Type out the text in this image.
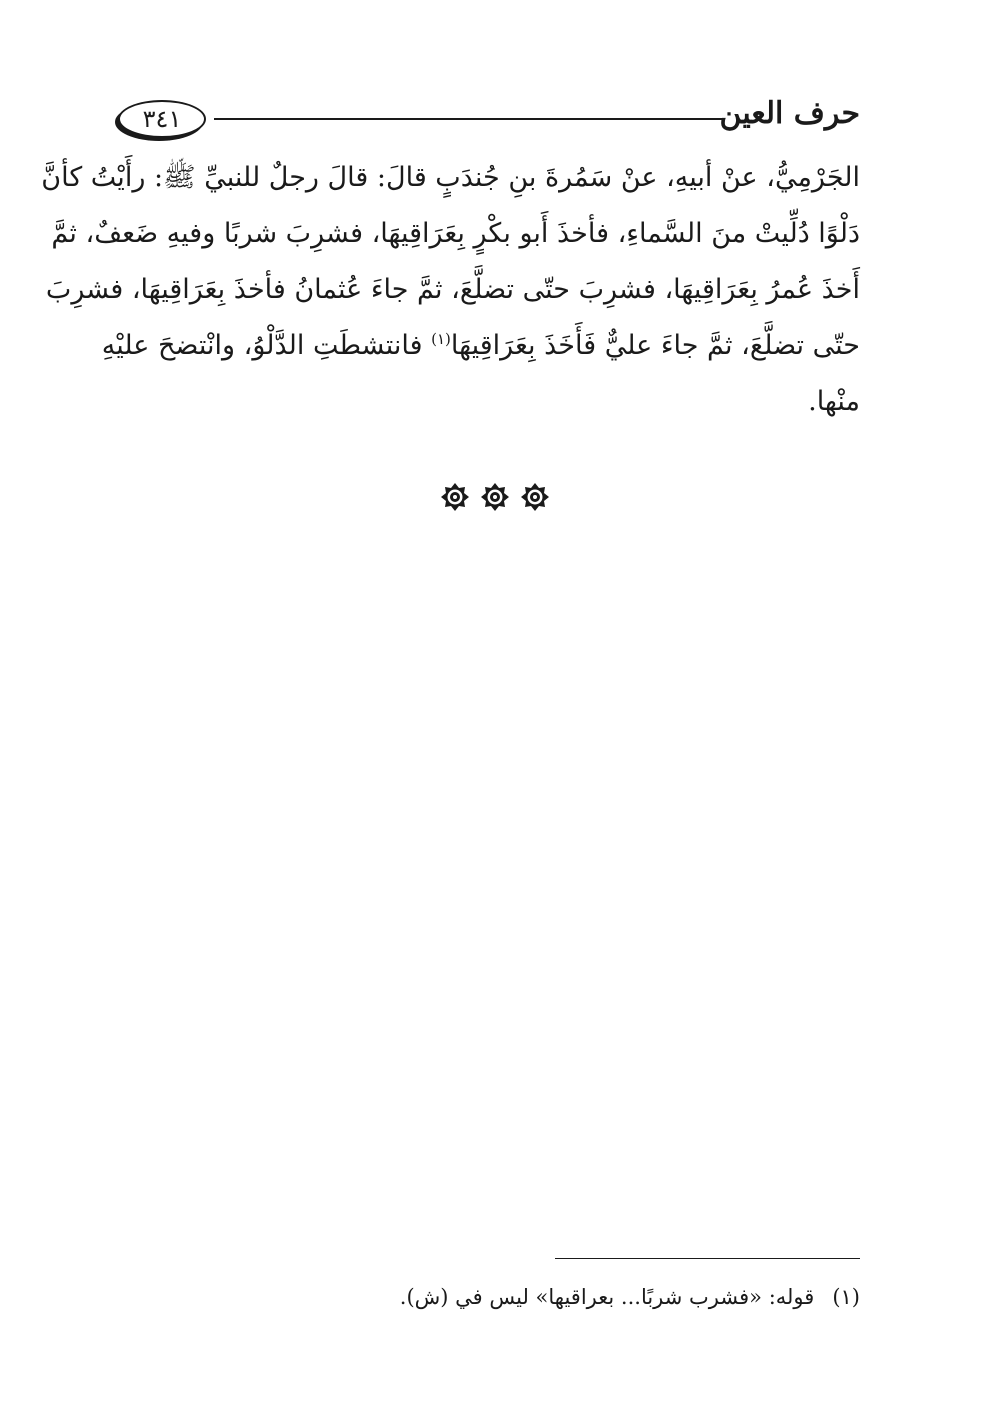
٣٤١	حرف العين
الجَرْمِيُّ، عنْ أبيهِ، عنْ سَمُرةَ بنِ جُندَبٍ قالَ: قالَ رجلٌ للنبيِّ ﷺ: رأَيْتُ كأنَّ
دَلْوًا دُلِّيتْ منَ السَّماءِ، فأخذَ أَبو بكْرٍ بِعَرَاقِيهَا، فشرِبَ شربًا وفيهِ ضَعفٌ، ثمَّ
أَخذَ عُمرُ بِعَرَاقِيهَا، فشرِبَ حتّى تضلَّعَ، ثمَّ جاءَ عُثمانُ فأخذَ بِعَرَاقِيهَا، فشرِبَ
حتّى تضلَّعَ، ثمَّ جاءَ عليٌّ فَأَخَذَ بِعَرَاقِيهَا$^{(١)}$ فانتشطَتِ الدَّلْوُ، وانْتضحَ عليْهِ
منْها.
(١)قوله: «فشرب شربًا... بعراقيها» ليس في (ش).
